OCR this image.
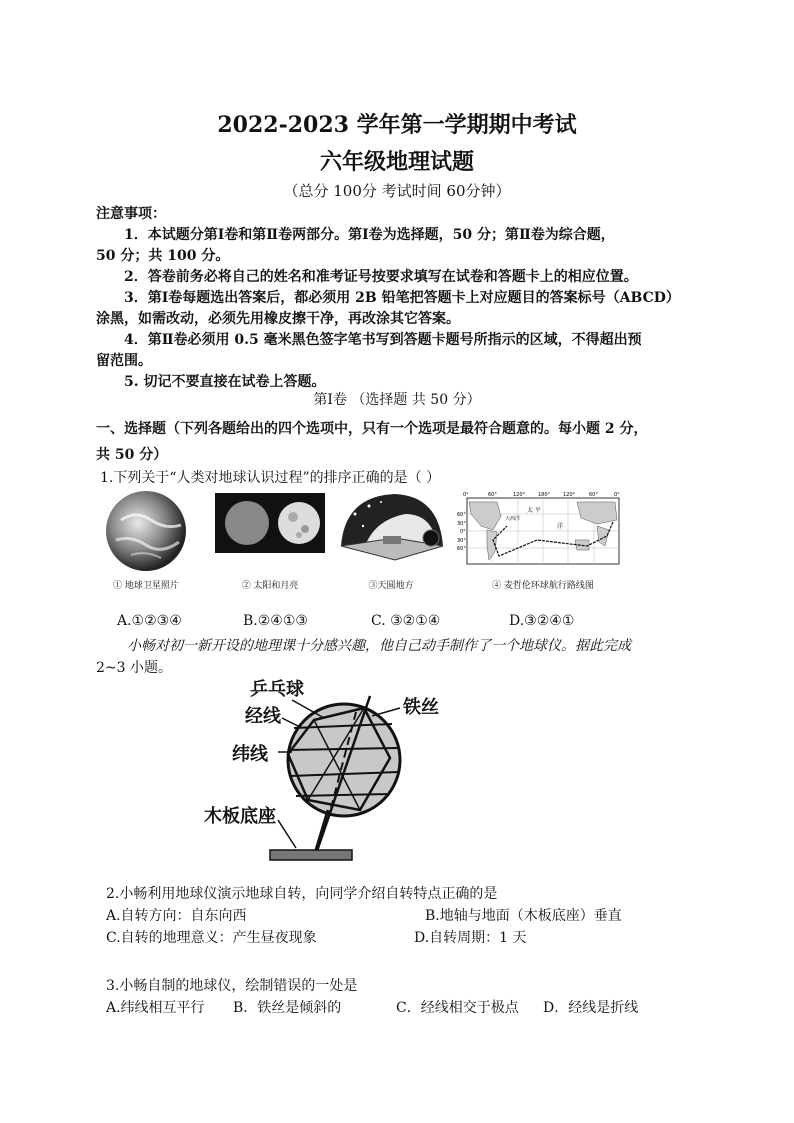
2022-2023 学年第一学期期中考试
六年级地理试题
（总分 100分 考试时间 60分钟）
注意事项：
1．本试题分第Ⅰ卷和第Ⅱ卷两部分。第Ⅰ卷为选择题，50 分；第Ⅱ卷为综合题，
50 分；共 100 分。
2．答卷前务必将自己的姓名和准考证号按要求填写在试卷和答题卡上的相应位置。
3．第Ⅰ卷每题选出答案后，都必须用 2B 铅笔把答题卡上对应题目的答案标号（ABCD）
涂黑，如需改动，必须先用橡皮擦干净，再改涂其它答案。
4．第Ⅱ卷必须用 0.5 毫米黑色签字笔书写到答题卡题号所指示的区域，不得超出预
留范围。
5. 切记不要直接在试卷上答题。
第Ⅰ卷 （选择题 共 50 分）
一、选择题（下列各题给出的四个选项中，只有一个选项是最符合题意的。每小题 2 分，
共 50 分）
1.下列关于“人类对地球认识过程”的排序正确的是（ ）
① 地球卫星照片	② 太阳和月亮	③天圆地方
太 平
洋
大西洋
0°	60°	120°	180°	120°	60°	0°
60°
30°
0°
30°
60°
④ 麦哲伦环球航行路线图
A.①②③④	B.②④①③	C. ③②①④	D.③②④①
小畅对初一新开设的地理课十分感兴趣，他自己动手制作了一个地球仪。据此完成
2~3 小题。
乒乓球
经线	铁丝
纬线
木板底座
2.小畅利用地球仪演示地球自转，向同学介绍自转特点正确的是
A.自转方向：自东向西	B.地轴与地面（木板底座）垂直
C.自转的地理意义：产生昼夜现象	D.自转周期：1 天
3.小畅自制的地球仪，绘制错误的一处是
A.纬线相互平行 B．铁丝是倾斜的	C．经线相交于极点 D．经线是折线
